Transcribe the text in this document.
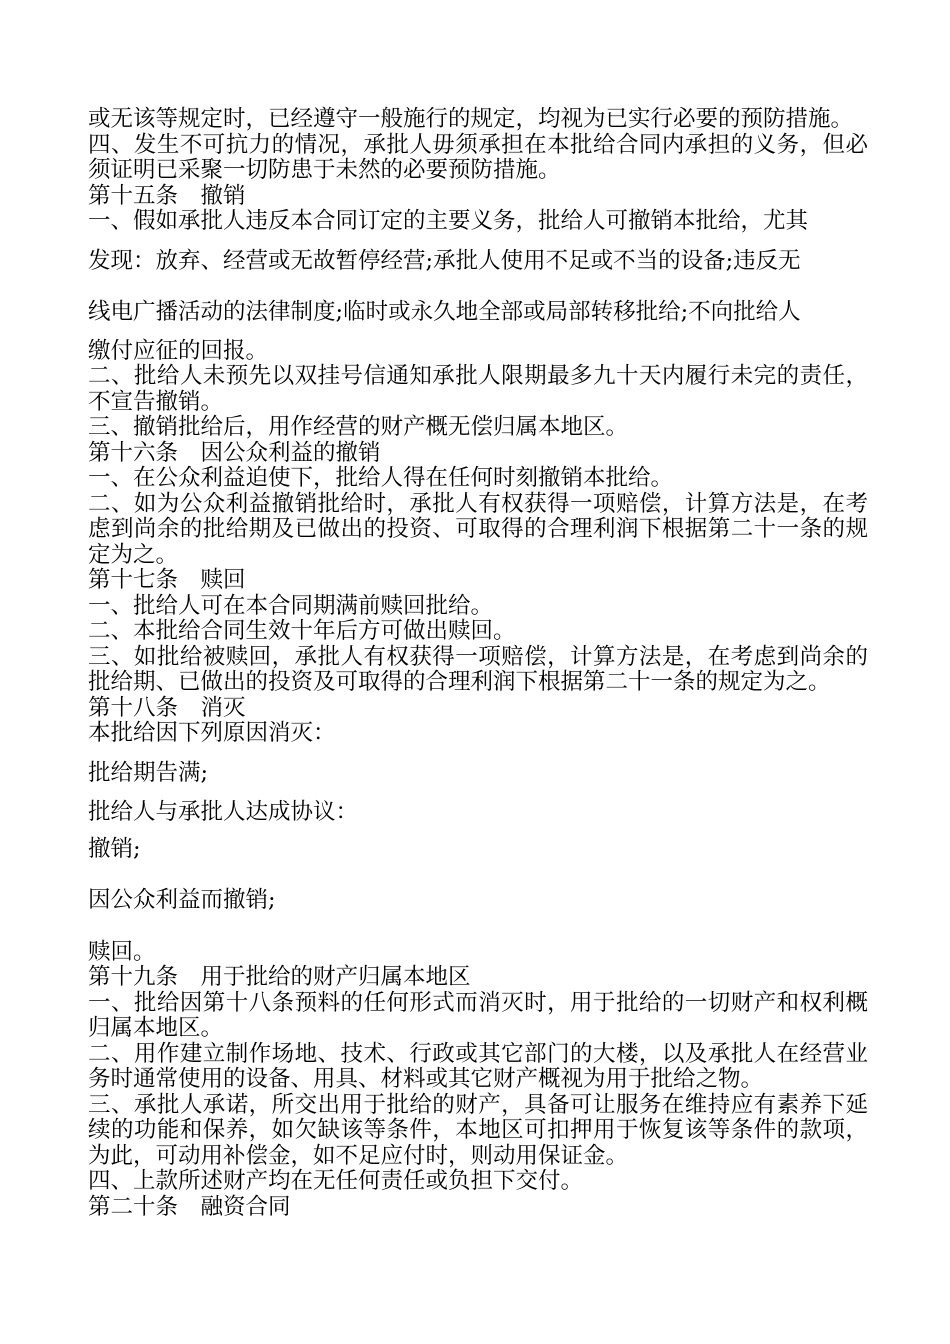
或无该等规定时，已经遵守一般施行的规定，均视为已实行必要的预防措施。

四、发生不可抗力的情况，承批人毋须承担在本批给合同内承担的义务，但必须证明已采聚一切防患于未然的必要预防措施。

第十五条　撤销

一、假如承批人违反本合同订定的主要义务，批给人可撤销本批给，尤其

发现：放弃、经营或无故暂停经营;承批人使用不足或不当的设备;违反无

线电广播活动的法律制度;临时或永久地全部或局部转移批给;不向批给人

缴付应征的回报。

二、批给人未预先以双挂号信通知承批人限期最多九十天内履行未完的责任，不宣告撤销。

三、撤销批给后，用作经营的财产概无偿归属本地区。

第十六条　因公众利益的撤销

一、在公众利益迫使下，批给人得在任何时刻撤销本批给。

二、如为公众利益撤销批给时，承批人有权获得一项赔偿，计算方法是，在考虑到尚余的批给期及已做出的投资、可取得的合理利润下根据第二十一条的规定为之。

第十七条　赎回

一、批给人可在本合同期满前赎回批给。

二、本批给合同生效十年后方可做出赎回。

三、如批给被赎回，承批人有权获得一项赔偿，计算方法是，在考虑到尚余的批给期、已做出的投资及可取得的合理利润下根据第二十一条的规定为之。

第十八条　消灭

本批给因下列原因消灭：

批给期告满;

批给人与承批人达成协议：

撤销;

因公众利益而撤销;

赎回。

第十九条　用于批给的财产归属本地区

一、批给因第十八条预料的任何形式而消灭时，用于批给的一切财产和权利概归属本地区。

二、用作建立制作场地、技术、行政或其它部门的大楼，以及承批人在经营业务时通常使用的设备、用具、材料或其它财产概视为用于批给之物。

三、承批人承诺，所交出用于批给的财产，具备可让服务在维持应有素养下延续的功能和保养，如欠缺该等条件，本地区可扣押用于恢复该等条件的款项，为此，可动用补偿金，如不足应付时，则动用保证金。

四、上款所述财产均在无任何责任或负担下交付。

第二十条　融资合同
